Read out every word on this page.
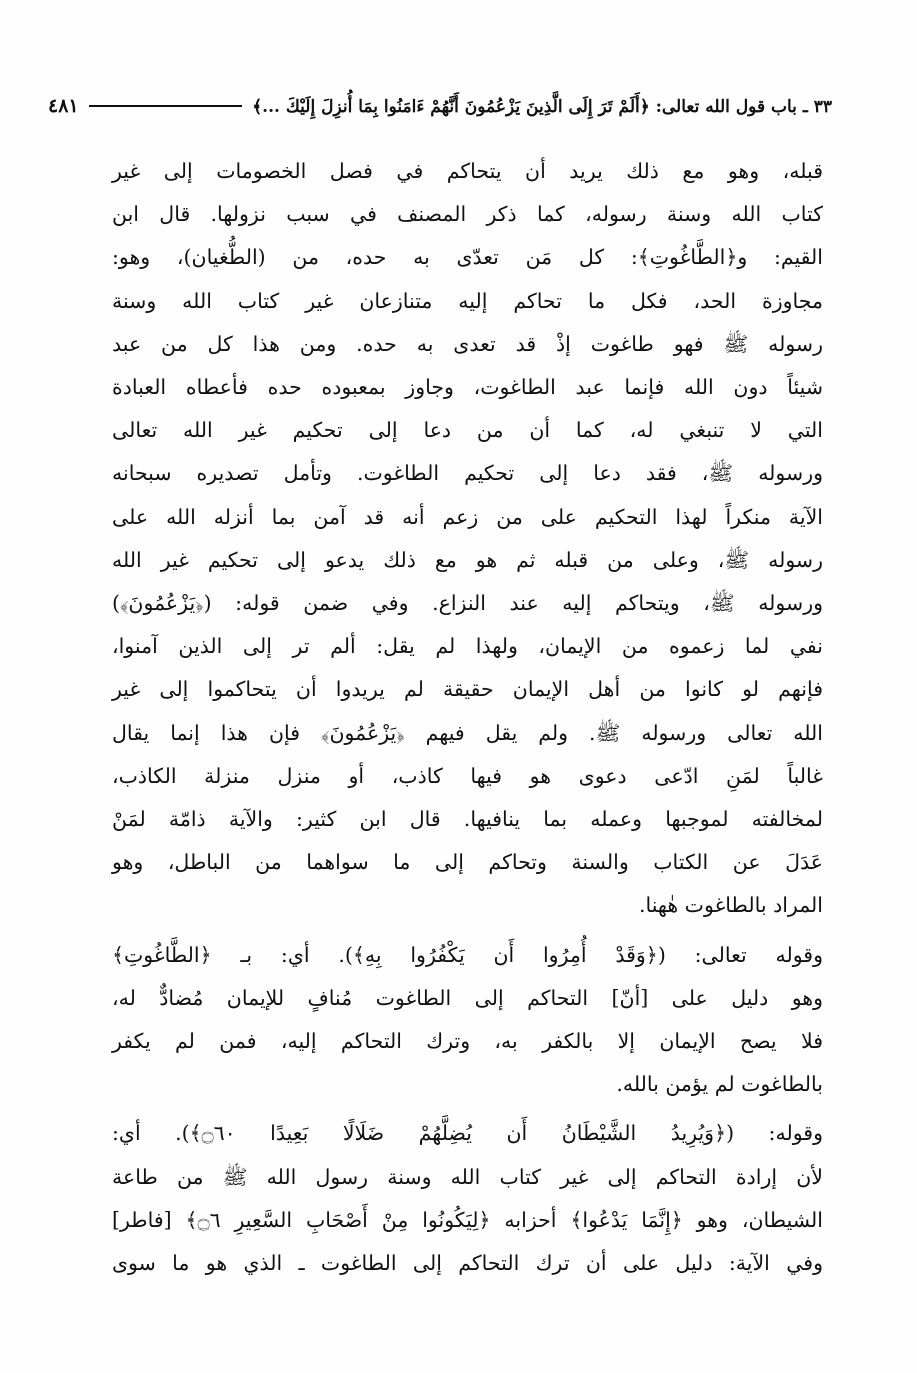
٣٣ ـ باب قول الله تعالى: ﴿أَلَمْ تَرَ إِلَى الَّذِينَ يَزْعُمُونَ أَنَّهُمْ ءَامَنُوا بِمَا أُنزِلَ إِلَيْكَ ...﴾
٤٨١

قبله، وهو مع ذلك يريد أن يتحاكم في فصل الخصومات إلى غير
كتاب الله وسنة رسوله، كما ذكر المصنف في سبب نزولها. قال ابن
القيم: و﴿الطَّاغُوتِ﴾: كل مَن تعدّى به حده، من (الطُّغيان)، وهو:
مجاوزة الحد، فكل ما تحاكم إليه متنازعان غير كتاب الله وسنة
رسوله ﷺ فهو طاغوت إذْ قد تعدى به حده. ومن هذا كل من عبد
شيئاً دون الله فإنما عبد الطاغوت، وجاوز بمعبوده حده فأعطاه العبادة
التي لا تنبغي له، كما أن من دعا إلى تحكيم غير الله تعالى
ورسوله ﷺ، فقد دعا إلى تحكيم الطاغوت. وتأمل تصديره سبحانه
الآية منكراً لهذا التحكيم على من زعم أنه قد آمن بما أنزله الله على
رسوله ﷺ، وعلى من قبله ثم هو مع ذلك يدعو إلى تحكيم غير الله
ورسوله ﷺ، ويتحاكم إليه عند النزاع. وفي ضمن قوله: (﴿يَزْعُمُونَ﴾)
نفي لما زعموه من الإيمان، ولهذا لم يقل: ألم تر إلى الذين آمنوا،
فإنهم لو كانوا من أهل الإيمان حقيقة لم يريدوا أن يتحاكموا إلى غير
الله تعالى ورسوله ﷺ. ولم يقل فيهم ﴿يَزْعُمُونَ﴾ فإن هذا إنما يقال
غالباً لمَنِ ادّعى دعوى هو فيها كاذب، أو منزل منزلة الكاذب،
لمخالفته لموجبها وعمله بما ينافيها. قال ابن كثير: والآية ذامّة لمَنْ
عَدَلَ عن الكتاب والسنة وتحاكم إلى ما سواهما من الباطل، وهو
المراد بالطاغوت هٰهنا.

وقوله تعالى: (﴿وَقَدْ أُمِرُوا أَن يَكْفُرُوا بِهِ﴾). أي: بـ ﴿الطَّاغُوتِ﴾
وهو دليل على [أنّ] التحاكم إلى الطاغوت مُنافٍ للإيمان مُضادٌّ له،
فلا يصح الإيمان إلا بالكفر به، وترك التحاكم إليه، فمن لم يكفر
بالطاغوت لم يؤمن بالله.

وقوله: (﴿وَيُرِيدُ الشَّيْطَانُ أَن يُضِلَّهُمْ ضَلَالًا بَعِيدًا ۝٦٠﴾). أي:
لأن إرادة التحاكم إلى غير كتاب الله وسنة رسول الله ﷺ من طاعة
الشيطان، وهو ﴿إِنَّمَا يَدْعُوا﴾ أحزابه ﴿لِيَكُونُوا مِنْ أَصْحَابِ السَّعِيرِ ۝٦﴾ [فاطر]
وفي الآية: دليل على أن ترك التحاكم إلى الطاغوت ـ الذي هو ما سوى
